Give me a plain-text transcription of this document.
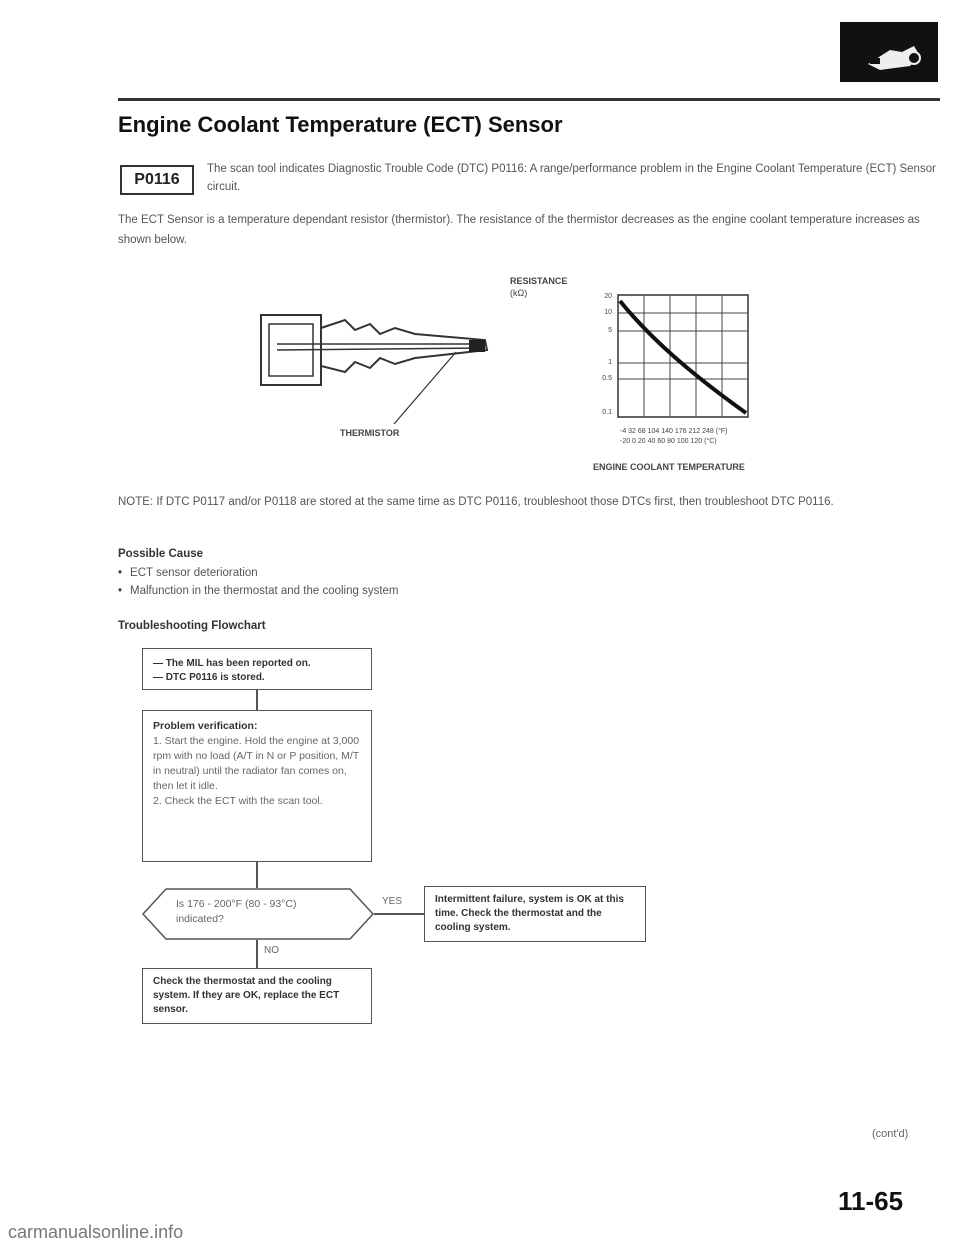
Engine Coolant Temperature (ECT) Sensor
P0116
The scan tool indicates Diagnostic Trouble Code (DTC) P0116: A range/performance problem in the Engine Coolant Temperature (ECT) Sensor circuit.
The ECT Sensor is a temperature dependant resistor (thermistor). The resistance of the thermistor decreases as the engine coolant temperature increases as shown below.
THERMISTOR
RESISTANCE
(kΩ)	20
10
5
1
0.5
0.1
-4 32 68 104 140 176 212 248 (°F)
-20 0 20 40 60 80 100 120 (°C)
ENGINE COOLANT TEMPERATURE
NOTE: If DTC P0117 and/or P0118 are stored at the same time as DTC P0116, troubleshoot those DTCs first, then troubleshoot DTC P0116.
Possible Cause
• ECT sensor deterioration
• Malfunction in the thermostat and the cooling system
Troubleshooting Flowchart
— The MIL has been reported on.
— DTC P0116 is stored.
Problem verification:
1. Start the engine. Hold the engine at 3,000 rpm with no load (A/T in N or P position, M/T in neutral) until the radiator fan comes on, then let it idle.
2. Check the ECT with the scan tool.
Is 176 - 200°F (80 - 93°C) indicated?
YES	Intermittent failure, system is OK at this time. Check the thermostat and the cooling system.
NO
Check the thermostat and the cooling system. If they are OK, replace the ECT sensor.
(cont'd)
11-65
carmanualsonline.info
